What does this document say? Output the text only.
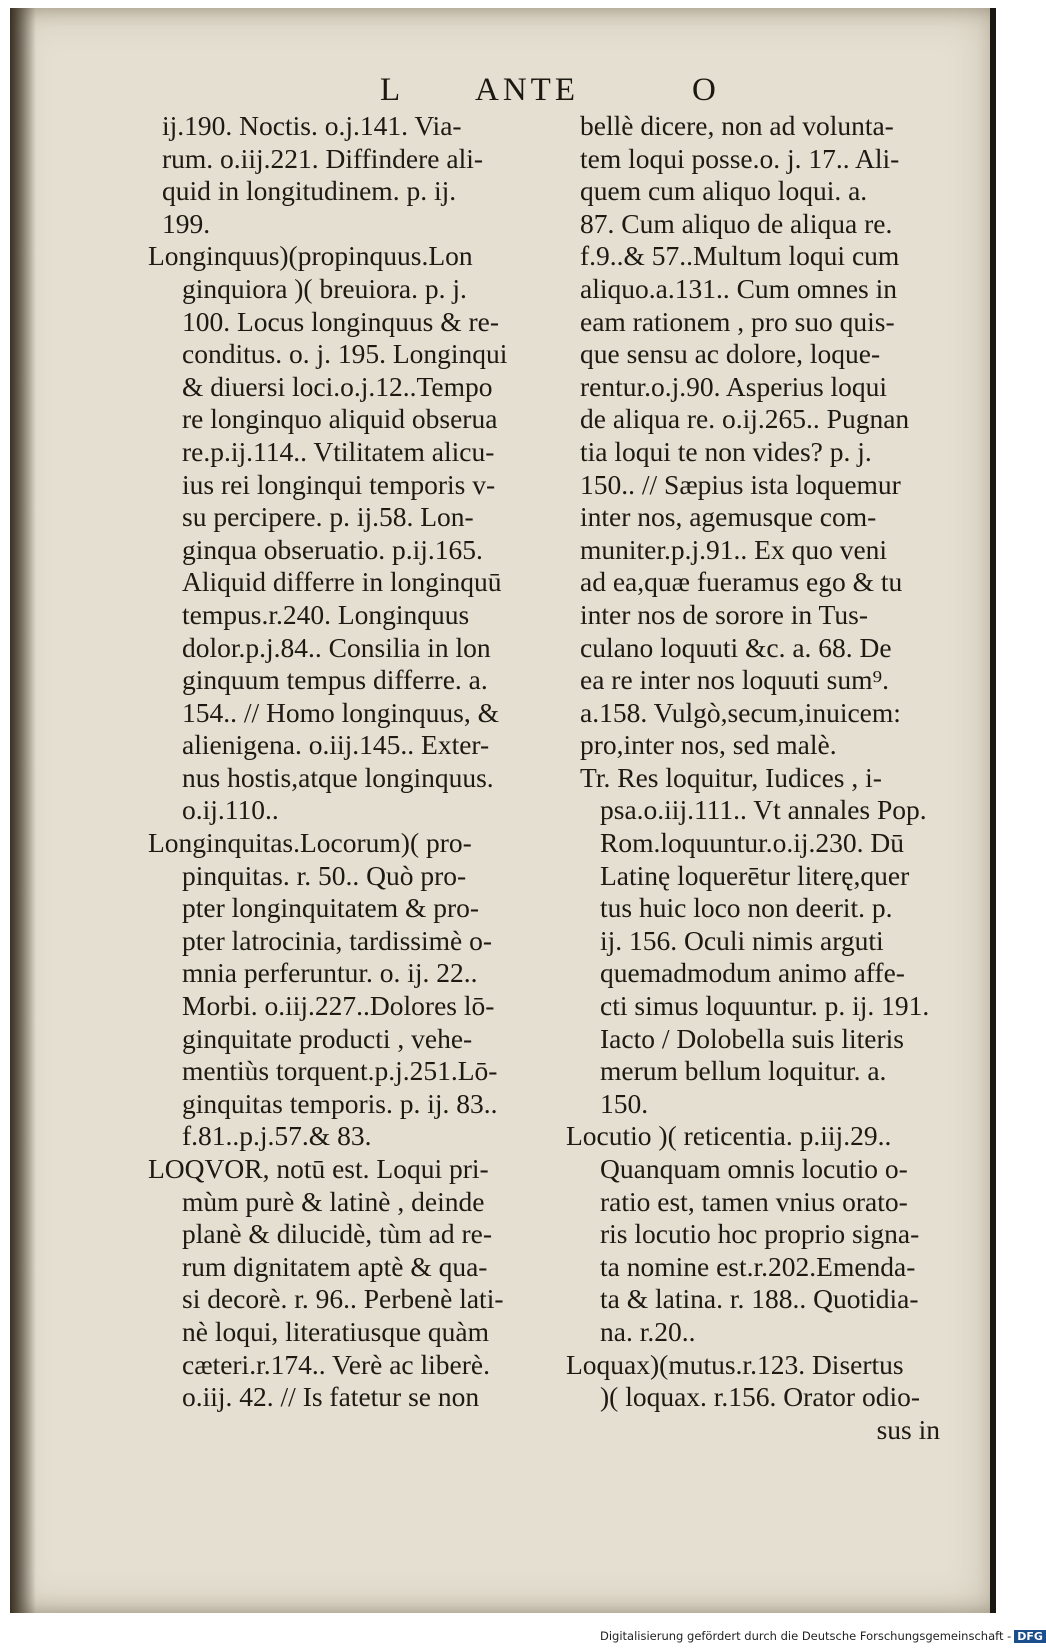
L ANTE	O
ij.190. Noctis. o.j.141. Via-
rum. o.iij.221. Diffindere ali-
quid in longitudinem. p. ij.
199.
Longinquus)(propinquus.Lon
ginquiora )( breuiora. p. j.
100. Locus longinquus & re-
conditus. o. j. 195. Longinqui
& diuersi loci.o.j.12..Tempo
re longinquo aliquid obserua
re.p.ij.114.. Vtilitatem alicu-
ius rei longinqui temporis v-
su percipere. p. ij.58. Lon-
ginqua obseruatio. p.ij.165.
Aliquid differre in longinquū
tempus.r.240. Longinquus
dolor.p.j.84.. Consilia in lon
ginquum tempus differre. a.
154.. // Homo longinquus, &
alienigena. o.iij.145.. Exter-
nus hostis,atque longinquus.
o.ij.110..
Longinquitas.Locorum)( pro-
pinquitas. r. 50.. Quò pro-
pter longinquitatem & pro-
pter latrocinia, tardissimè o-
mnia perferuntur. o. ij. 22..
Morbi. o.iij.227..Dolores lō-
ginquitate producti , vehe-
mentiùs torquent.p.j.251.Lō-
ginquitas temporis. p. ij. 83..
f.81..p.j.57.& 83.
LOQVOR, notū est. Loqui pri-
mùm purè & latinè , deinde
planè & dilucidè, tùm ad re-
rum dignitatem aptè & qua-
si decorè. r. 96.. Perbenè lati-
nè loqui, literatiusque quàm
cæteri.r.174.. Verè ac liberè.
o.iij. 42. // Is fatetur se non
bellè dicere, non ad volunta-
tem loqui posse.o. j. 17.. Ali-
quem cum aliquo loqui. a.
87. Cum aliquo de aliqua re.
f.9..& 57..Multum loqui cum
aliquo.a.131.. Cum omnes in
eam rationem , pro suo quis-
que sensu ac dolore, loque-
rentur.o.j.90. Asperius loqui
de aliqua re. o.ij.265.. Pugnan
tia loqui te non vides? p. j.
150.. // Sæpius ista loquemur
inter nos, agemusque com-
muniter.p.j.91.. Ex quo veni
ad ea,quæ fueramus ego & tu
inter nos de sorore in Tus-
culano loquuti &c. a. 68. De
ea re inter nos loquuti sum⁹.
a.158. Vulgò,secum,inuicem:
pro,inter nos, sed malè.
Tr. Res loquitur, Iudices , i-
psa.o.iij.111.. Vt annales Pop.
Rom.loquuntur.o.ij.230. Dū
Latinę loquerētur literę,quer
tus huic loco non deerit. p.
ij. 156. Oculi nimis arguti
quemadmodum animo affe-
cti simus loquuntur. p. ij. 191.
Iacto / Dolobella suis literis
merum bellum loquitur. a.
150.
Locutio )( reticentia. p.iij.29..
Quanquam omnis locutio o-
ratio est, tamen vnius orato-
ris locutio hoc proprio signa-
ta nomine est.r.202.Emenda-
ta & latina. r. 188.. Quotidia-
na. r.20..
Loquax)(mutus.r.123. Disertus
)( loquax. r.156. Orator odio-
sus in
Digitalisierung gefördert durch die Deutsche Forschungsgemeinschaft - DFG
